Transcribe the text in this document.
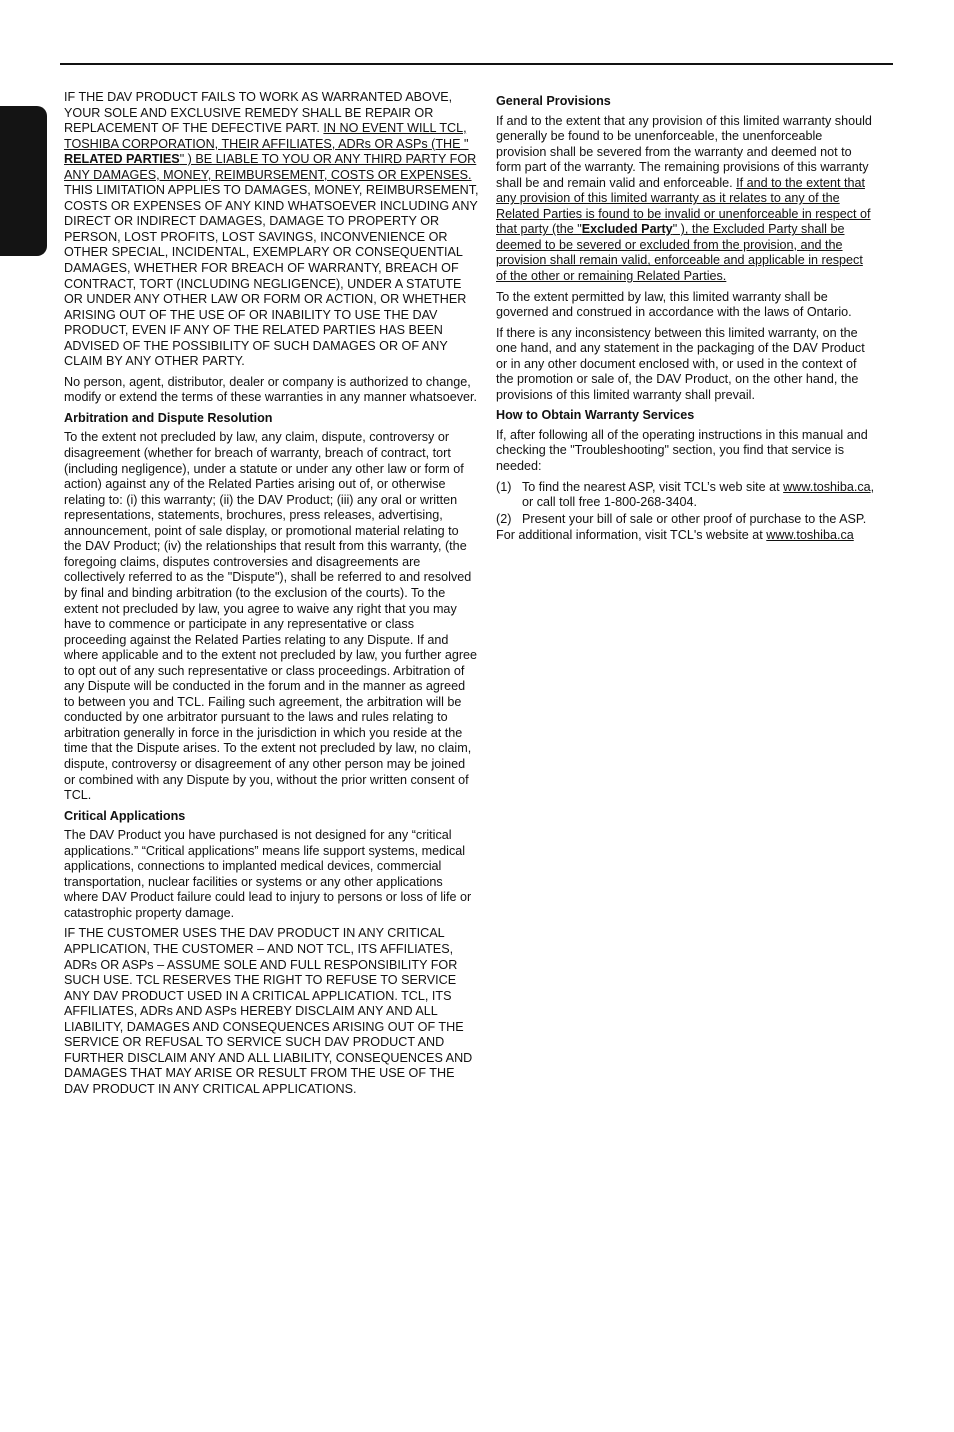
IF THE DAV PRODUCT FAILS TO WORK AS WARRANTED ABOVE, YOUR SOLE AND EXCLUSIVE REMEDY SHALL BE REPAIR OR REPLACEMENT OF THE DEFECTIVE PART. IN NO EVENT WILL TCL, TOSHIBA CORPORATION, THEIR AFFILIATES, ADRs OR ASPs (THE " RELATED PARTIES" ) BE LIABLE TO YOU OR ANY THIRD PARTY FOR ANY DAMAGES, MONEY, REIMBURSEMENT, COSTS OR EXPENSES. THIS LIMITATION APPLIES TO DAMAGES, MONEY, REIMBURSEMENT, COSTS OR EXPENSES OF ANY KIND WHATSOEVER INCLUDING ANY DIRECT OR INDIRECT DAMAGES, DAMAGE TO PROPERTY OR PERSON, LOST PROFITS, LOST SAVINGS, INCONVENIENCE OR OTHER SPECIAL, INCIDENTAL, EXEMPLARY OR CONSEQUENTIAL DAMAGES, WHETHER FOR BREACH OF WARRANTY, BREACH OF CONTRACT, TORT (INCLUDING NEGLIGENCE), UNDER A STATUTE OR UNDER ANY OTHER LAW OR FORM OR ACTION, OR WHETHER ARISING OUT OF THE USE OF OR INABILITY TO USE THE DAV PRODUCT, EVEN IF ANY OF THE RELATED PARTIES HAS BEEN ADVISED OF THE POSSIBILITY OF SUCH DAMAGES OR OF ANY CLAIM BY ANY OTHER PARTY.

No person, agent, distributor, dealer or company is authorized to change, modify or extend the terms of these warranties in any manner whatsoever.

Arbitration and Dispute Resolution

To the extent not precluded by law, any claim, dispute, controversy or disagreement (whether for breach of warranty, breach of contract, tort (including negligence), under a statute or under any other law or form of action) against any of the Related Parties arising out of, or otherwise relating to: (i) this warranty; (ii) the DAV Product; (iii) any oral or written representations, statements, brochures, press releases, advertising, announcement, point of sale display, or promotional material relating to the DAV Product; (iv) the relationships that result from this warranty, (the foregoing claims, disputes controversies and disagreements are collectively referred to as the "Dispute"), shall be referred to and resolved by final and binding arbitration (to the exclusion of the courts). To the extent not precluded by law, you agree to waive any right that you may have to commence or participate in any representative or class proceeding against the Related Parties relating to any Dispute. If and where applicable and to the extent not precluded by law, you further agree to opt out of any such representative or class proceedings. Arbitration of any Dispute will be conducted in the forum and in the manner as agreed to between you and TCL. Failing such agreement, the arbitration will be conducted by one arbitrator pursuant to the laws and rules relating to arbitration generally in force in the jurisdiction in which you reside at the time that the Dispute arises. To the extent not precluded by law, no claim, dispute, controversy or disagreement of any other person may be joined or combined with any Dispute by you, without the prior written consent of TCL.

Critical Applications

The DAV Product you have purchased is not designed for any “critical applications.” “Critical applications” means life support systems, medical applications, connections to implanted medical devices, commercial transportation, nuclear facilities or systems or any other applications where DAV Product failure could lead to injury to persons or loss of life or catastrophic property damage.

IF THE CUSTOMER USES THE DAV PRODUCT IN ANY CRITICAL APPLICATION, THE CUSTOMER – AND NOT TCL, ITS AFFILIATES, ADRs OR ASPs – ASSUME SOLE AND FULL RESPONSIBILITY FOR SUCH USE. TCL RESERVES THE RIGHT TO REFUSE TO SERVICE ANY DAV PRODUCT USED IN A CRITICAL APPLICATION. TCL, ITS AFFILIATES, ADRs AND ASPs HEREBY DISCLAIM ANY AND ALL LIABILITY, DAMAGES AND CONSEQUENCES ARISING OUT OF THE SERVICE OR REFUSAL TO SERVICE SUCH DAV PRODUCT AND FURTHER DISCLAIM ANY AND ALL LIABILITY, CONSEQUENCES AND DAMAGES THAT MAY ARISE OR RESULT FROM THE USE OF THE DAV PRODUCT IN ANY CRITICAL APPLICATIONS.

General Provisions

If and to the extent that any provision of this limited warranty should generally be found to be unenforceable, the unenforceable provision shall be severed from the warranty and deemed not to form part of the warranty. The remaining provisions of this warranty shall be and remain valid and enforceable. If and to the extent that any provision of this limited warranty as it relates to any of the Related Parties is found to be invalid or unenforceable in respect of that party (the "Excluded Party" ), the Excluded Party shall be deemed to be severed or excluded from the provision, and the provision shall remain valid, enforceable and applicable in respect of the other or remaining Related Parties.

To the extent permitted by law, this limited warranty shall be governed and construed in accordance with the laws of Ontario.

If there is any inconsistency between this limited warranty, on the one hand, and any statement in the packaging of the DAV Product or in any other document enclosed with, or used in the context of the promotion or sale of, the DAV Product, on the other hand, the provisions of this limited warranty shall prevail.

How to Obtain Warranty Services

If, after following all of the operating instructions in this manual and checking the "Troubleshooting" section, you find that service is needed:

(1) To find the nearest ASP, visit TCL’s web site at www.toshiba.ca, or call toll free 1-800-268-3404.
(2) Present your bill of sale or other proof of purchase to the ASP.

For additional information, visit TCL's website at www.toshiba.ca
